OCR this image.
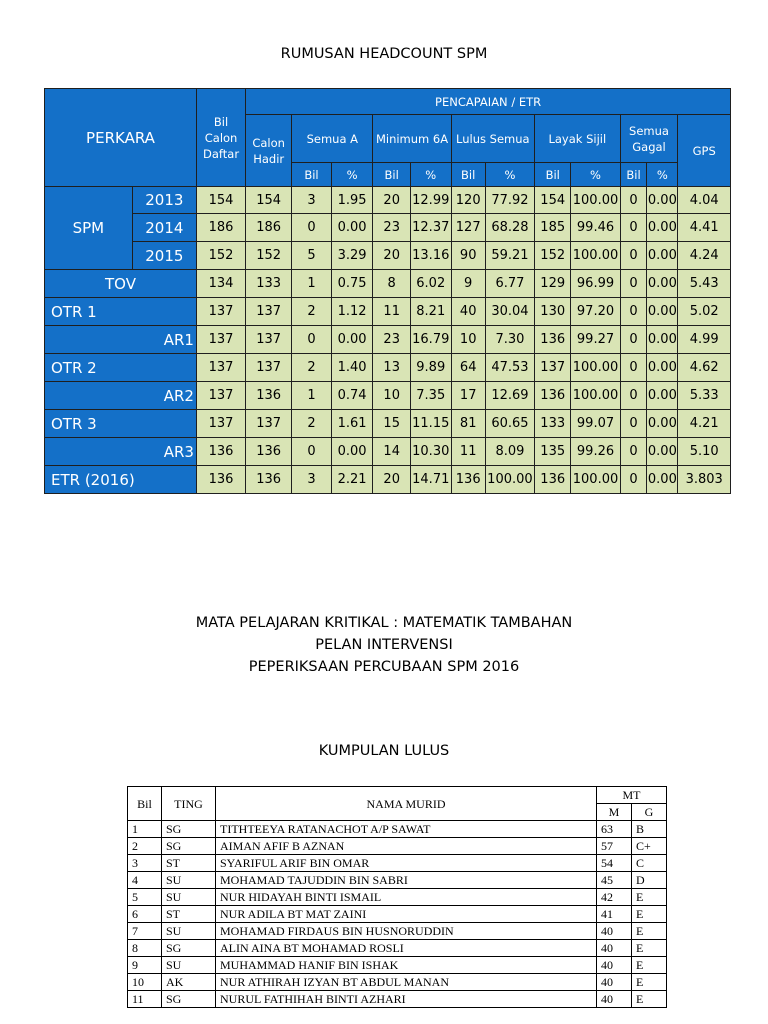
RUMUSAN HEADCOUNT SPM
PERKARA		Bil Calon Daftar	PENCAPAIAN / ETR											
			Calon Hadir	Semua A		Minimum 6A		Lulus Semua		Layak Sijil		Semua Gagal		GPS
				Bil	%	Bil	%	Bil	%	Bil	%	Bil	%	
SPM	2013	154	154	3	1.95	20	12.99	120	77.92	154	100.00	0	0.00	4.04
	2014	186	186	0	0.00	23	12.37	127	68.28	185	99.46	0	0.00	4.41
	2015	152	152	5	3.29	20	13.16	90	59.21	152	100.00	0	0.00	4.24
TOV		134	133	1	0.75	8	6.02	9	6.77	129	96.99	0	0.00	5.43
OTR 1		137	137	2	1.12	11	8.21	40	30.04	130	97.20	0	0.00	5.02
AR1		137	137	0	0.00	23	16.79	10	7.30	136	99.27	0	0.00	4.99
OTR 2		137	137	2	1.40	13	9.89	64	47.53	137	100.00	0	0.00	4.62
AR2		137	136	1	0.74	10	7.35	17	12.69	136	100.00	0	0.00	5.33
OTR 3		137	137	2	1.61	15	11.15	81	60.65	133	99.07	0	0.00	4.21
AR3		136	136	0	0.00	14	10.30	11	8.09	135	99.26	0	0.00	5.10
ETR (2016)		136	136	3	2.21	20	14.71	136	100.00	136	100.00	0	0.00	3.803
MATA PELAJARAN KRITIKAL : MATEMATIK TAMBAHAN
PELAN INTERVENSI
PEPERIKSAAN PERCUBAAN SPM 2016
KUMPULAN LULUS
Bil	TING	NAMA MURID	MT	
			M	G
1	SG	TITHTEEYA RATANACHOT A/P SAWAT	63	B
2	SG	AIMAN AFIF B AZNAN	57	C+
3	ST	SYARIFUL ARIF BIN OMAR	54	C
4	SU	MOHAMAD TAJUDDIN BIN SABRI	45	D
5	SU	NUR HIDAYAH BINTI ISMAIL	42	E
6	ST	NUR ADILA BT MAT ZAINI	41	E
7	SU	MOHAMAD FIRDAUS BIN HUSNORUDDIN	40	E
8	SG	ALIN AINA BT MOHAMAD ROSLI	40	E
9	SU	MUHAMMAD HANIF BIN ISHAK	40	E
10	AK	NUR ATHIRAH IZYAN BT ABDUL MANAN	40	E
11	SG	NURUL FATHIHAH BINTI AZHARI	40	E
